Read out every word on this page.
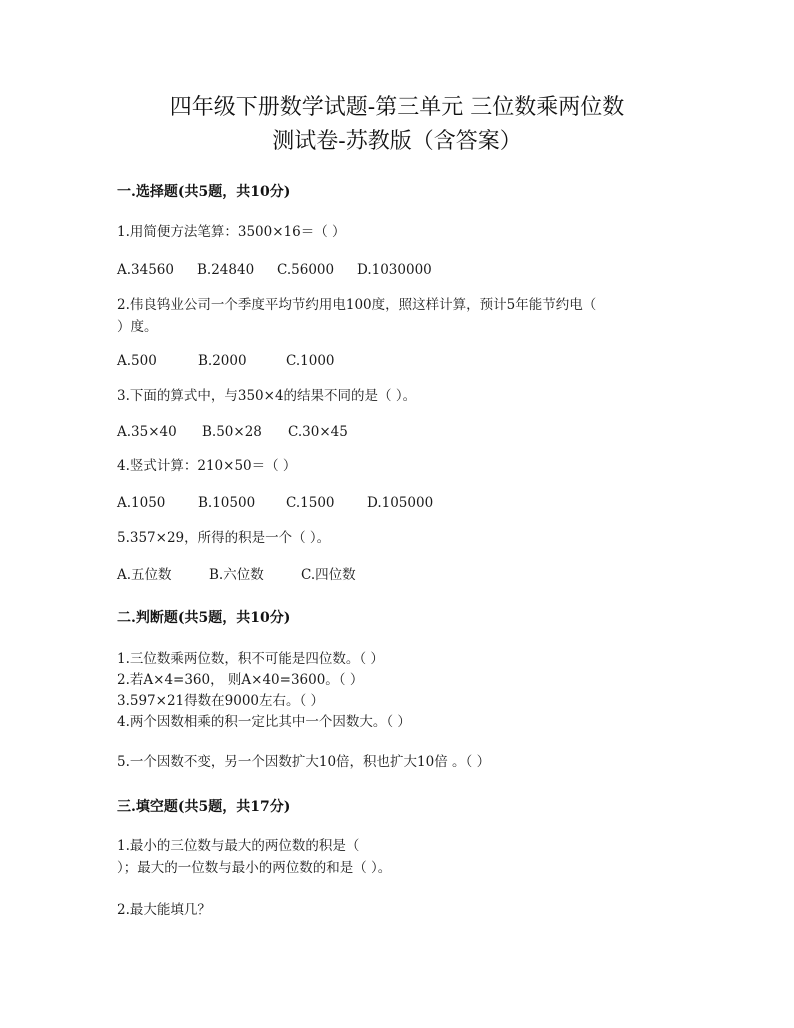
四年级下册数学试题-第三单元 三位数乘两位数
测试卷-苏教版（含答案）
一.选择题(共5题，共10分)
1.用简便方法笔算：3500×16＝（ ）
A.34560	B.24840	C.56000	D.1030000
2.伟良钨业公司一个季度平均节约用电100度，照这样计算，预计5年能节约电（
）度。
A.500	B.2000	C.1000
3.下面的算式中，与350×4的结果不同的是（ ）。
A.35×40	B.50×28	C.30×45
4.竖式计算：210×50＝（ ）
A.1050	B.10500	C.1500	D.105000
5.357×29，所得的积是一个（ ）。
A.五位数	B.六位数	C.四位数
二.判断题(共5题，共10分)
1.三位数乘两位数，积不可能是四位数。（ ）
2.若A×4=360， 则A×40=3600。（ ）
3.597×21得数在9000左右。（ ）
4.两个因数相乘的积一定比其中一个因数大。（ ）
5.一个因数不变，另一个因数扩大10倍，积也扩大10倍 。（ ）
三.填空题(共5题，共17分)
1.最小的三位数与最大的两位数的积是（
）；最大的一位数与最小的两位数的和是（ ）。
2.最大能填几？
